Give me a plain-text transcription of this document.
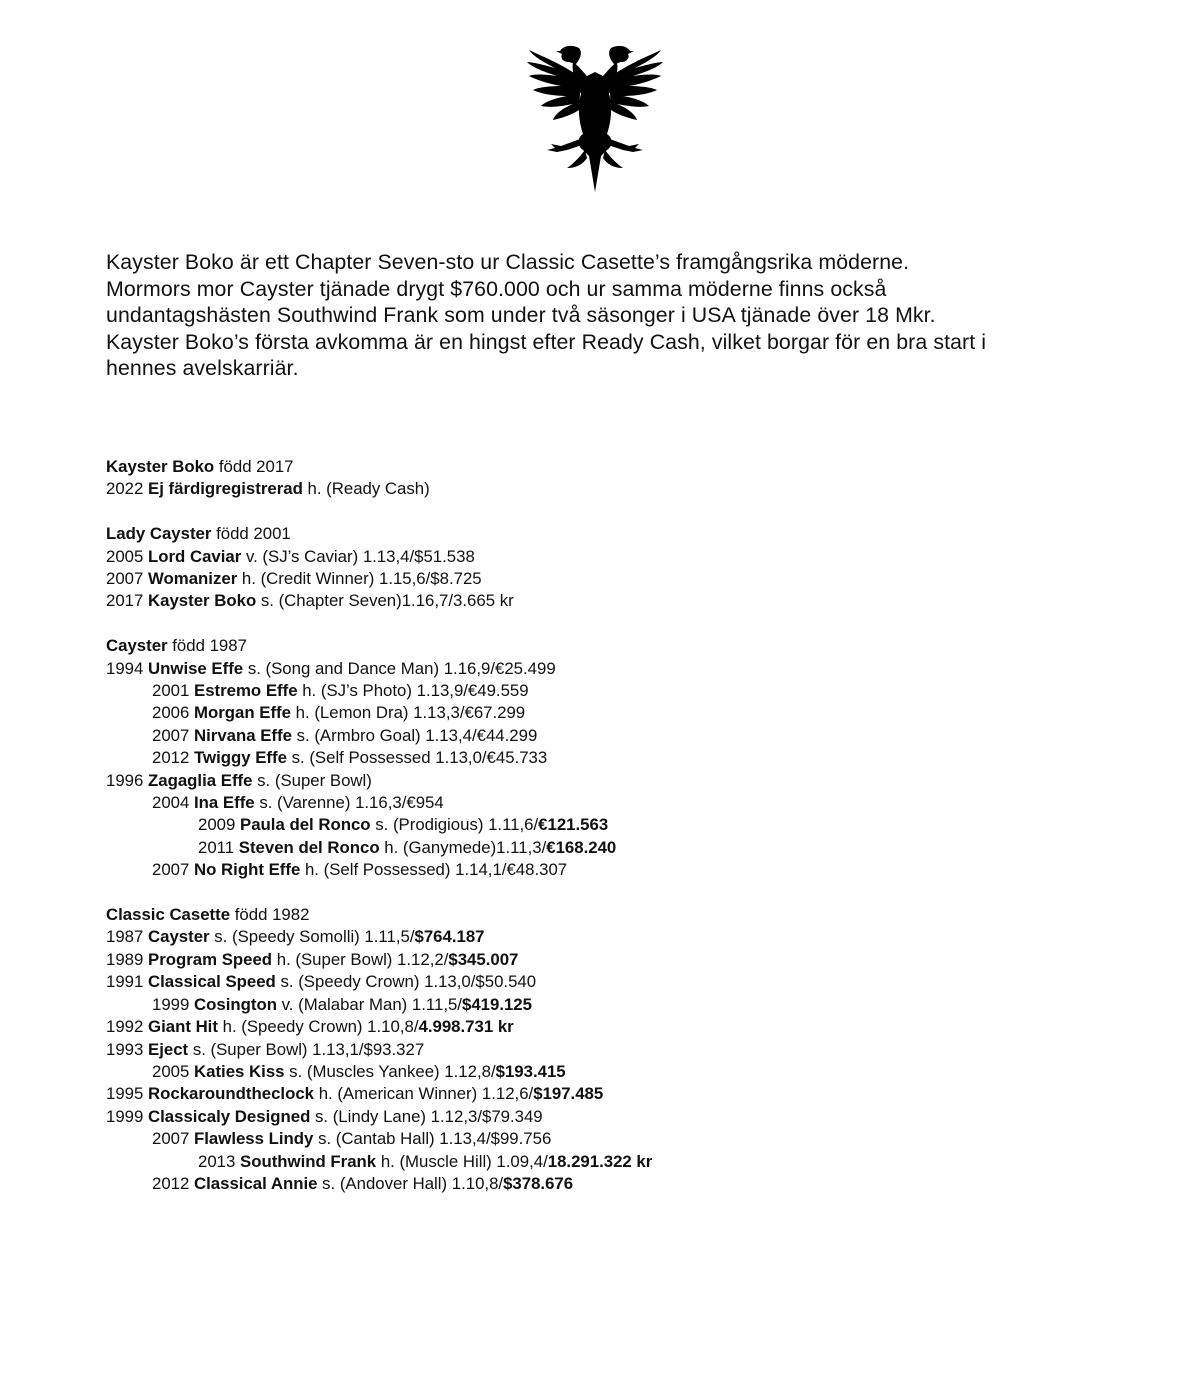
Kayster Boko är ett Chapter Seven-sto ur Classic Casette’s framgångsrika möderne.

Mormors mor Cayster tjänade drygt $760.000 och ur samma möderne finns också

undantagshästen Southwind Frank som under två säsonger i USA tjänade över 18 Mkr.

Kayster Boko’s första avkomma är en hingst efter Ready Cash, vilket borgar för en bra start i

hennes avelskarriär.

Kayster Boko född 2017
2022 Ej färdigregistrerad h. (Ready Cash)
Lady Cayster född 2001
2005 Lord Caviar v. (SJ’s Caviar) 1.13,4/$51.538
2007 Womanizer h. (Credit Winner) 1.15,6/$8.725
2017 Kayster Boko s. (Chapter Seven)1.16,7/3.665 kr
Cayster född 1987
1994 Unwise Effe s. (Song and Dance Man) 1.16,9/€25.499
2001 Estremo Effe h. (SJ’s Photo) 1.13,9/€49.559
2006 Morgan Effe h. (Lemon Dra) 1.13,3/€67.299
2007 Nirvana Effe s. (Armbro Goal) 1.13,4/€44.299
2012 Twiggy Effe s. (Self Possessed 1.13,0/€45.733
1996 Zagaglia Effe s. (Super Bowl)
2004 Ina Effe s. (Varenne) 1.16,3/€954
2009 Paula del Ronco s. (Prodigious) 1.11,6/€121.563
2011 Steven del Ronco h. (Ganymede)1.11,3/€168.240
2007 No Right Effe h. (Self Possessed) 1.14,1/€48.307
Classic Casette född 1982
1987 Cayster s. (Speedy Somolli) 1.11,5/$764.187
1989 Program Speed h. (Super Bowl) 1.12,2/$345.007
1991 Classical Speed s. (Speedy Crown) 1.13,0/$50.540
1999 Cosington v. (Malabar Man) 1.11,5/$419.125
1992 Giant Hit h. (Speedy Crown) 1.10,8/4.998.731 kr
1993 Eject s. (Super Bowl) 1.13,1/$93.327
2005 Katies Kiss s. (Muscles Yankee) 1.12,8/$193.415
1995 Rockaroundtheclock h. (American Winner) 1.12,6/$197.485
1999 Classicaly Designed s. (Lindy Lane) 1.12,3/$79.349
2007 Flawless Lindy s. (Cantab Hall) 1.13,4/$99.756
2013 Southwind Frank h. (Muscle Hill) 1.09,4/18.291.322 kr
2012 Classical Annie s. (Andover Hall) 1.10,8/$378.676
